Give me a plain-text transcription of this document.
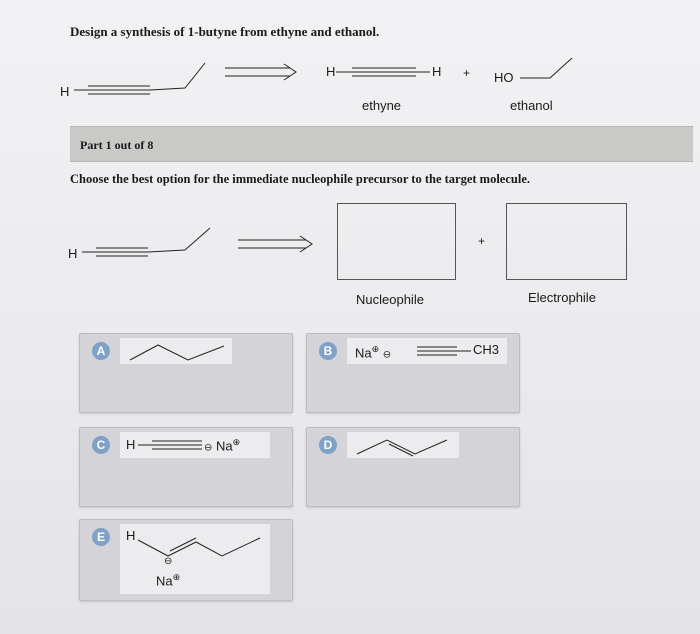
Design a synthesis of 1-butyne from ethyne and ethanol.
H
H	H + HO
ethyne	ethanol
Part 1 out of 8
Choose the best option for the immediate nucleophile precursor to the target molecule.
H
+
Nucleophile	Electrophile
A	B	Na⊕ ⊖	CH3
C	H	⊖ Na⊕	D
E	H
⊖
Na⊕
